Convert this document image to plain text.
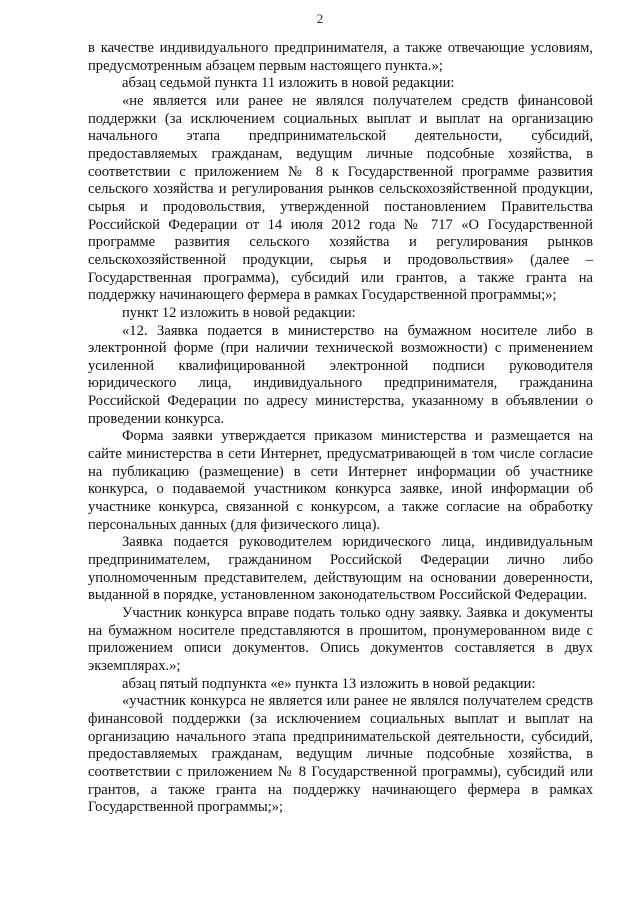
2

в качестве индивидуального предпринимателя, а также отвечающие условиям, предусмотренным абзацем первым настоящего пункта.»;

абзац седьмой пункта 11 изложить в новой редакции:

«не является или ранее не являлся получателем средств финансовой поддержки (за исключением социальных выплат и выплат на организацию начального этапа предпринимательской деятельности, субсидий, предоставляемых гражданам, ведущим личные подсобные хозяйства, в соответствии с приложением № 8 к Государственной программе развития сельского хозяйства и регулирования рынков сельскохозяйственной продукции, сырья и продовольствия, утвержденной постановлением Правительства Российской Федерации от 14 июля 2012 года № 717 «О Государственной программе развития сельского хозяйства и регулирования рынков сельскохозяйственной продукции, сырья и продовольствия» (далее – Государственная программа), субсидий или грантов, а также гранта на поддержку начинающего фермера в рамках Государственной программы;»;

пункт 12 изложить в новой редакции:

«12. Заявка подается в министерство на бумажном носителе либо в электронной форме (при наличии технической возможности) с применением усиленной квалифицированной электронной подписи руководителя юридического лица, индивидуального предпринимателя, гражданина Российской Федерации по адресу министерства, указанному в объявлении о проведении конкурса.

Форма заявки утверждается приказом министерства и размещается на сайте министерства в сети Интернет, предусматривающей в том числе согласие на публикацию (размещение) в сети Интернет информации об участнике конкурса, о подаваемой участником конкурса заявке, иной информации об участнике конкурса, связанной с конкурсом, а также согласие на обработку персональных данных (для физического лица).

Заявка подается руководителем юридического лица, индивидуальным предпринимателем, гражданином Российской Федерации лично либо уполномоченным представителем, действующим на основании доверенности, выданной в порядке, установленном законодательством Российской Федерации.

Участник конкурса вправе подать только одну заявку. Заявка и документы на бумажном носителе представляются в прошитом, пронумерованном виде с приложением описи документов. Опись документов составляется в двух экземплярах.»;

абзац пятый подпункта «е» пункта 13 изложить в новой редакции:

«участник конкурса не является или ранее не являлся получателем средств финансовой поддержки (за исключением социальных выплат и выплат на организацию начального этапа предпринимательской деятельности, субсидий, предоставляемых гражданам, ведущим личные подсобные хозяйства, в соответствии с приложением № 8 Государственной программы), субсидий или грантов, а также гранта на поддержку начинающего фермера в рамках Государственной программы;»;
